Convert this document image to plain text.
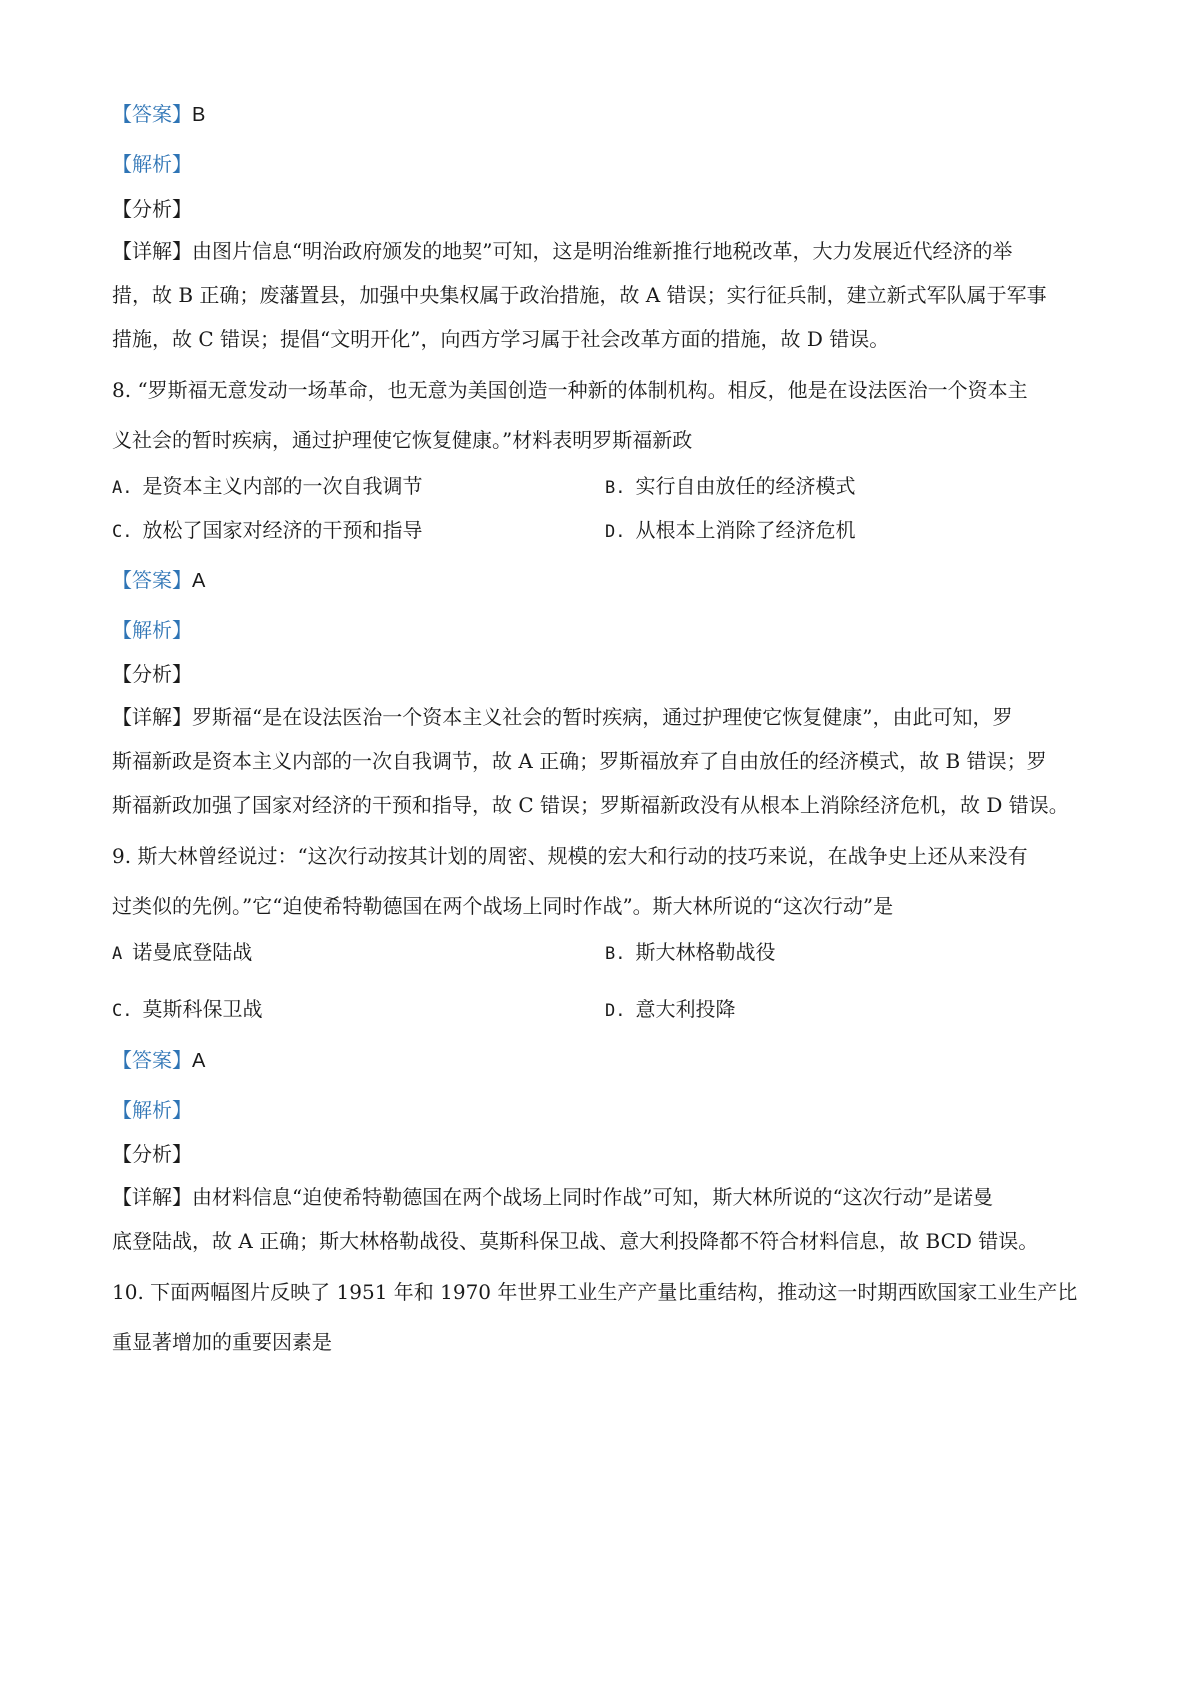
【答案】B
【解析】
【分析】
【详解】由图片信息“明治政府颁发的地契”可知，这是明治维新推行地税改革，大力发展近代经济的举
措，故 B 正确；废藩置县，加强中央集权属于政治措施，故 A 错误；实行征兵制，建立新式军队属于军事
措施，故 C 错误；提倡“文明开化”，向西方学习属于社会改革方面的措施，故 D 错误。
8. “罗斯福无意发动一场革命，也无意为美国创造一种新的体制机构。相反，他是在设法医治一个资本主
义社会的暂时疾病，通过护理使它恢复健康。”材料表明罗斯福新政
A. 是资本主义内部的一次自我调节	B. 实行自由放任的经济模式
C. 放松了国家对经济的干预和指导	D. 从根本上消除了经济危机
【答案】A
【解析】
【分析】
【详解】罗斯福“是在设法医治一个资本主义社会的暂时疾病，通过护理使它恢复健康”，由此可知，罗
斯福新政是资本主义内部的一次自我调节，故 A 正确；罗斯福放弃了自由放任的经济模式，故 B 错误；罗
斯福新政加强了国家对经济的干预和指导，故 C 错误；罗斯福新政没有从根本上消除经济危机，故 D 错误。
9. 斯大林曾经说过：“这次行动按其计划的周密、规模的宏大和行动的技巧来说，在战争史上还从来没有
过类似的先例。”它“迫使希特勒德国在两个战场上同时作战”。斯大林所说的“这次行动”是
A 诺曼底登陆战	B. 斯大林格勒战役
C. 莫斯科保卫战	D. 意大利投降
【答案】A
【解析】
【分析】
【详解】由材料信息“迫使希特勒德国在两个战场上同时作战”可知，斯大林所说的“这次行动”是诺曼
底登陆战，故 A 正确；斯大林格勒战役、莫斯科保卫战、意大利投降都不符合材料信息，故 BCD 错误。
10. 下面两幅图片反映了 1951 年和 1970 年世界工业生产产量比重结构，推动这一时期西欧国家工业生产比
重显著增加的重要因素是
